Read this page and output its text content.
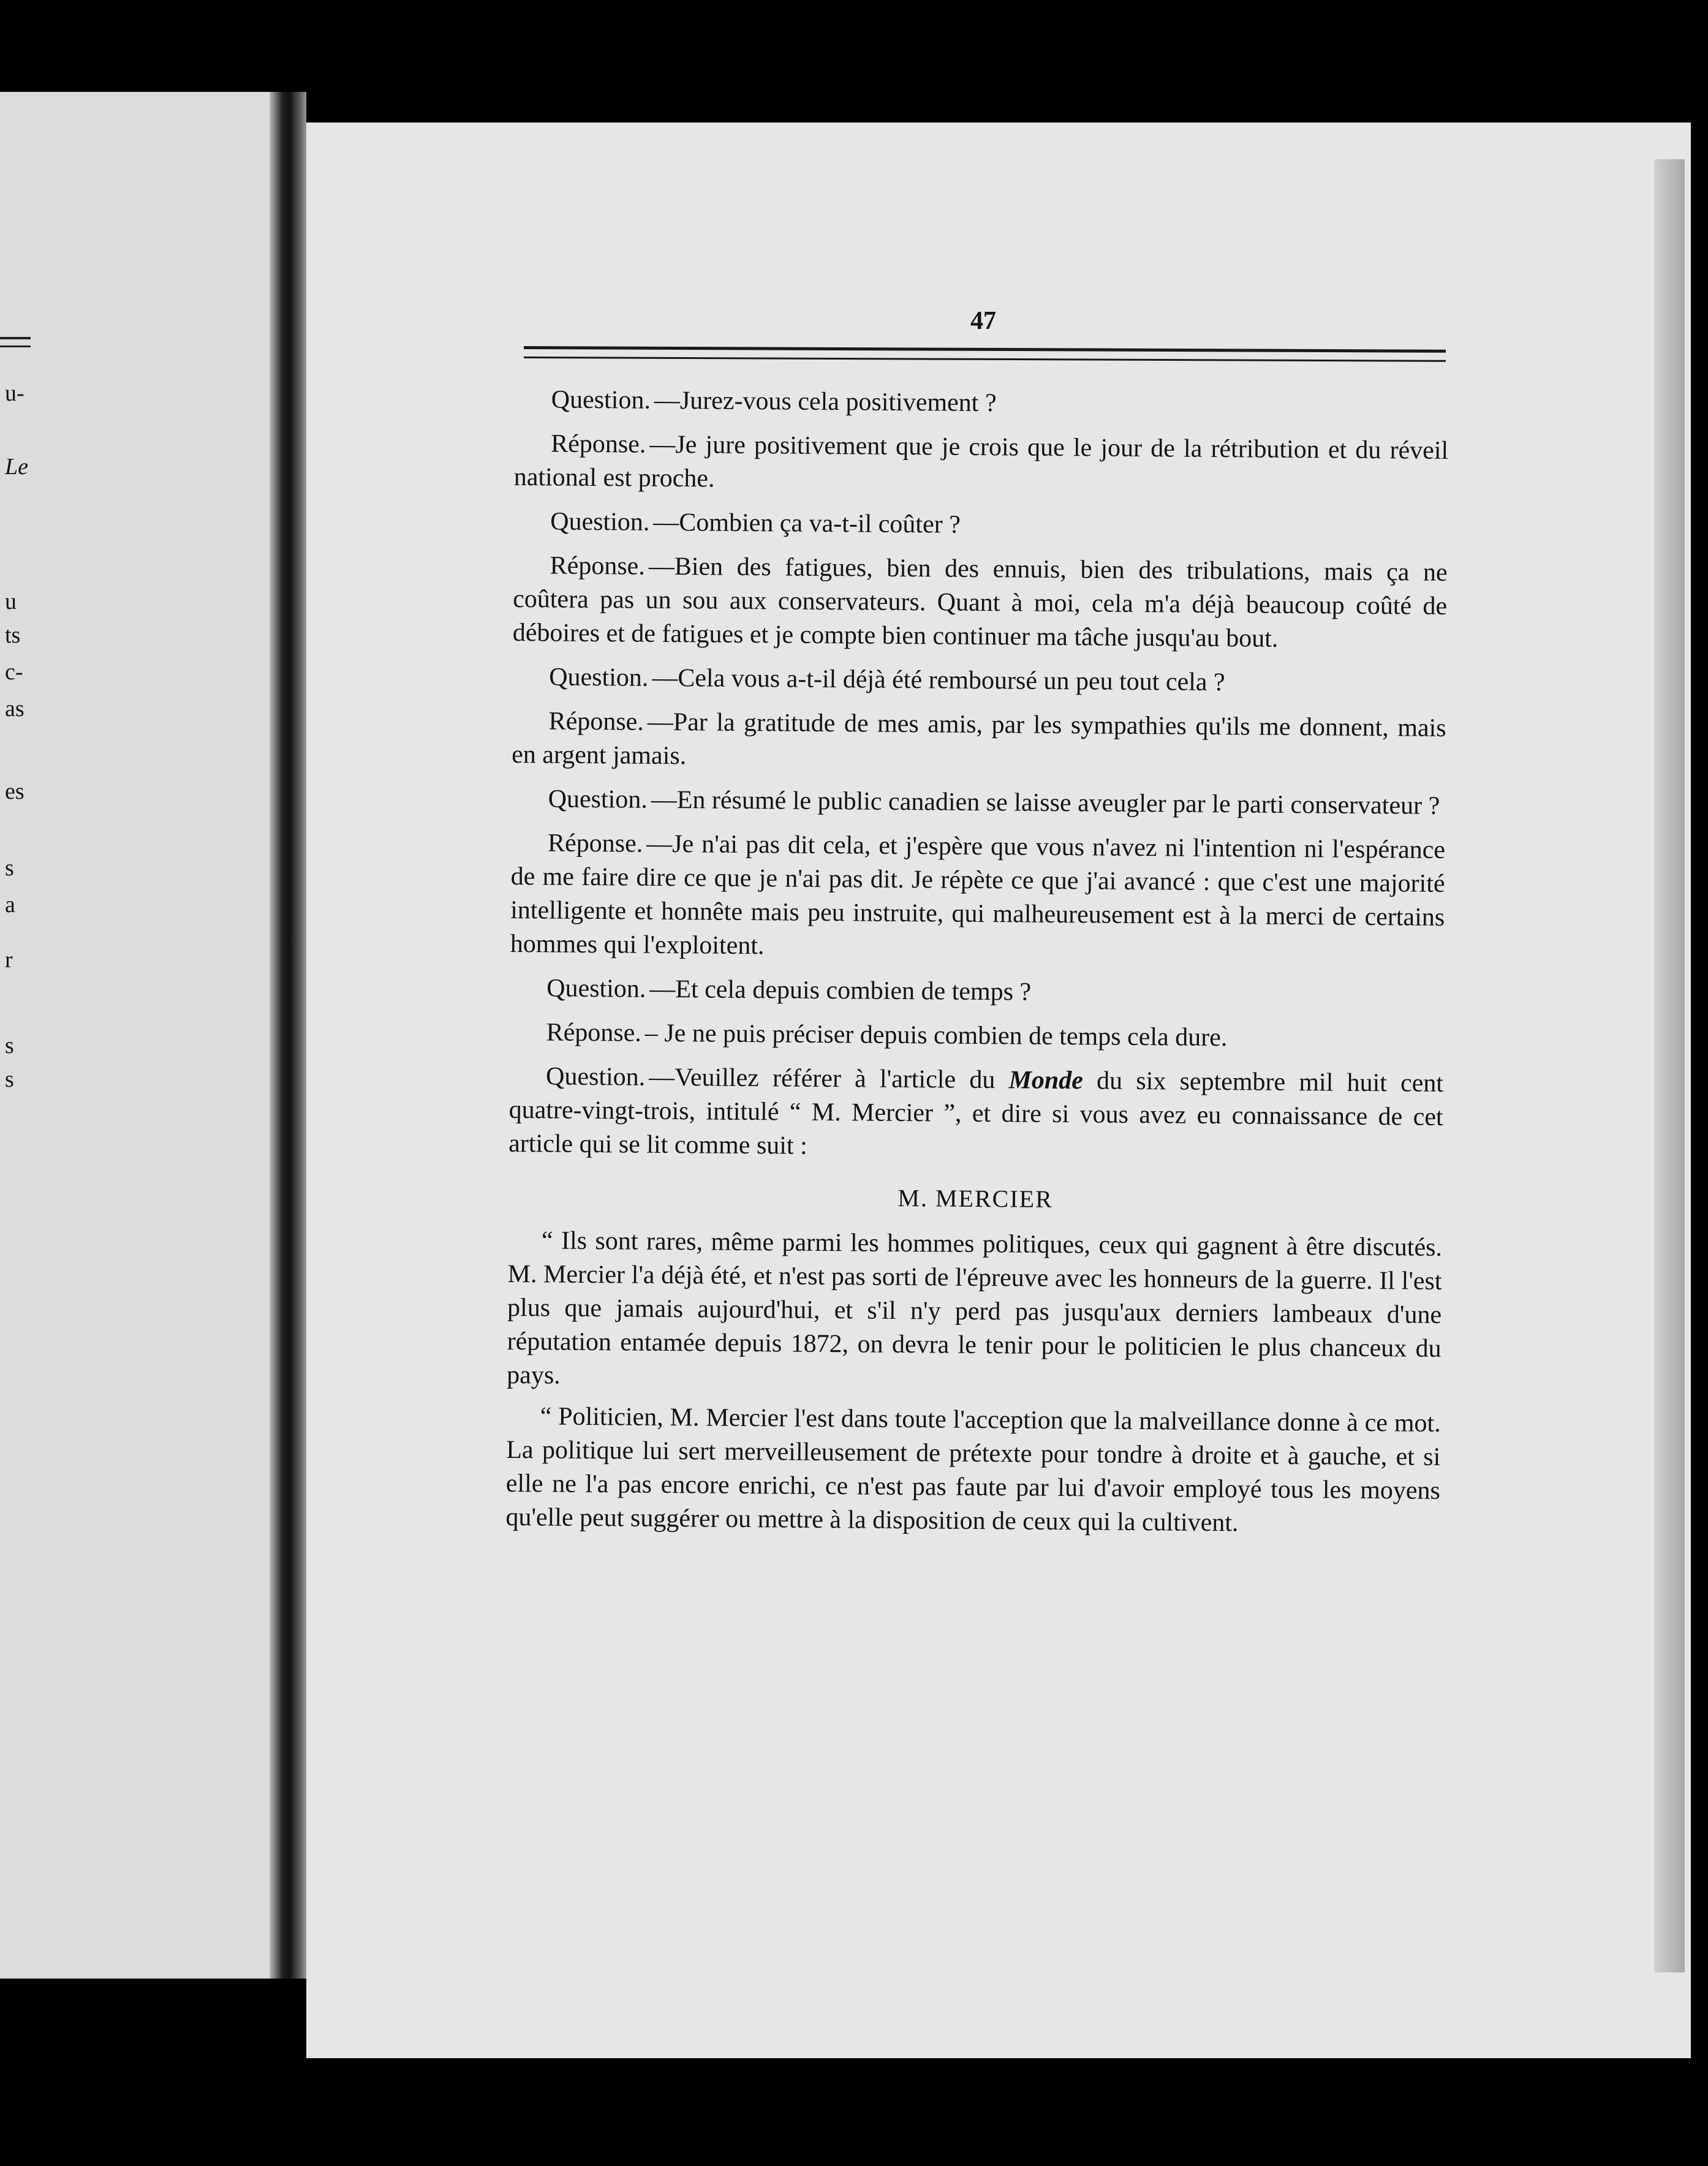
u-
Le
u
ts
c-
as
es
s
a
r
s
s
47

Question. —Jurez-vous cela positivement ?

Réponse. —Je jure positivement que je crois que le jour de la rétribution et du réveil national est proche.

Question. —Combien ça va-t-il coûter ?

Réponse. —Bien des fatigues, bien des ennuis, bien des tribulations, mais ça ne coûtera pas un sou aux conservateurs. Quant à moi, cela m'a déjà beaucoup coûté de déboires et de fatigues et je compte bien continuer ma tâche jusqu'au bout.

Question. —Cela vous a-t-il déjà été remboursé un peu tout cela ?

Réponse. —Par la gratitude de mes amis, par les sympathies qu'ils me donnent, mais en argent jamais.

Question. —En résumé le public canadien se laisse aveugler par le parti conservateur ?

Réponse. —Je n'ai pas dit cela, et j'espère que vous n'avez ni l'intention ni l'espérance de me faire dire ce que je n'ai pas dit. Je répète ce que j'ai avancé : que c'est une majorité intelligente et honnête mais peu instruite, qui malheureusement est à la merci de certains hommes qui l'exploitent.

Question. —Et cela depuis combien de temps ?

Réponse. – Je ne puis préciser depuis combien de temps cela dure.

Question. —Veuillez référer à l'article du Monde du six septembre mil huit cent quatre-vingt-trois, intitulé “ M. Mercier ”, et dire si vous avez eu connaissance de cet article qui se lit comme suit :

M. MERCIER

“ Ils sont rares, même parmi les hommes politiques, ceux qui gagnent à être discutés. M. Mercier l'a déjà été, et n'est pas sorti de l'épreuve avec les honneurs de la guerre. Il l'est plus que jamais aujourd'hui, et s'il n'y perd pas jusqu'aux derniers lambeaux d'une réputation entamée depuis 1872, on devra le tenir pour le politicien le plus chanceux du pays.

“ Politicien, M. Mercier l'est dans toute l'acception que la malveillance donne à ce mot. La politique lui sert merveilleusement de prétexte pour tondre à droite et à gauche, et si elle ne l'a pas encore enrichi, ce n'est pas faute par lui d'avoir employé tous les moyens qu'elle peut suggérer ou mettre à la disposition de ceux qui la cultivent.
